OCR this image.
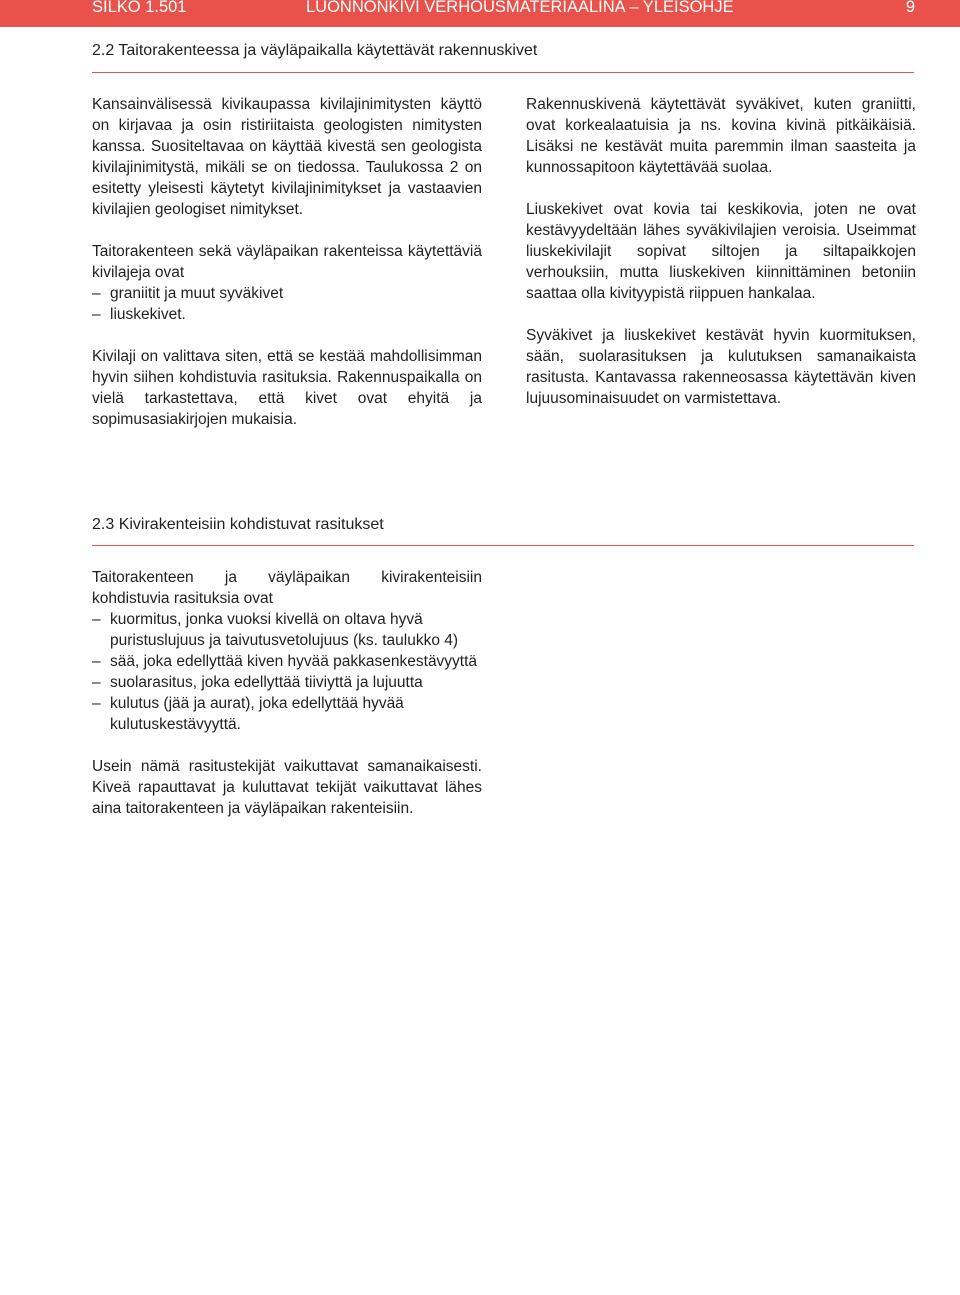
SILKO 1.501	LUONNONKIVI VERHOUSMATERIAALINA – YLEISOHJE	9
2.2 Taitorakenteessa ja väyläpaikalla käytettävät rakennuskivet

Kansainvälisessä kivikaupassa kivilajinimitysten käyttö on kirjavaa ja osin ristiriitaista geologisten nimitysten kanssa. Suositeltavaa on käyttää kivestä sen geologista kivilajinimitystä, mikäli se on tiedossa. Taulukossa 2 on esitetty yleisesti käytetyt kivilajinimitykset ja vastaavien kivilajien geologiset nimitykset.

Taitorakenteen sekä väyläpaikan rakenteissa käytettäviä kivilajeja ovat

– graniitit ja muut syväkivet
– liuskekivet.

Kivilaji on valittava siten, että se kestää mahdollisimman hyvin siihen kohdistuvia rasituksia. Rakennuspaikalla on vielä tarkastettava, että kivet ovat ehyitä ja sopimusasiakirjojen mukaisia.

Rakennuskivenä käytettävät syväkivet, kuten graniitti, ovat korkealaatuisia ja ns. kovina kivinä pitkäikäisiä. Lisäksi ne kestävät muita paremmin ilman saasteita ja kunnossapitoon käytettävää suolaa.

Liuskekivet ovat kovia tai keskikovia, joten ne ovat kestävyydeltään lähes syväkivilajien veroisia. Useimmat liuskekivilajit sopivat siltojen ja siltapaikkojen verhouksiin, mutta liuskekiven kiinnittäminen betoniin saattaa olla kivityypistä riippuen hankalaa.

Syväkivet ja liuskekivet kestävät hyvin kuormituksen, sään, suolarasituksen ja kulutuksen samanaikaista rasitusta. Kantavassa rakenneosassa käytettävän kiven lujuusominaisuudet on varmistettava.

2.3 Kivirakenteisiin kohdistuvat rasitukset

Taitorakenteen ja väyläpaikan kivirakenteisiin kohdistuvia rasituksia ovat

– kuormitus, jonka vuoksi kivellä on oltava hyvä puristuslujuus ja taivutusvetolujuus (ks. taulukko 4)
– sää, joka edellyttää kiven hyvää pakkasenkestävyyttä
– suolarasitus, joka edellyttää tiiviyttä ja lujuutta
– kulutus (jää ja aurat), joka edellyttää hyvää kulutuskestävyyttä.

Usein nämä rasitustekijät vaikuttavat samanaikaisesti. Kiveä rapauttavat ja kuluttavat tekijät vaikuttavat lähes aina taitorakenteen ja väyläpaikan rakenteisiin.
